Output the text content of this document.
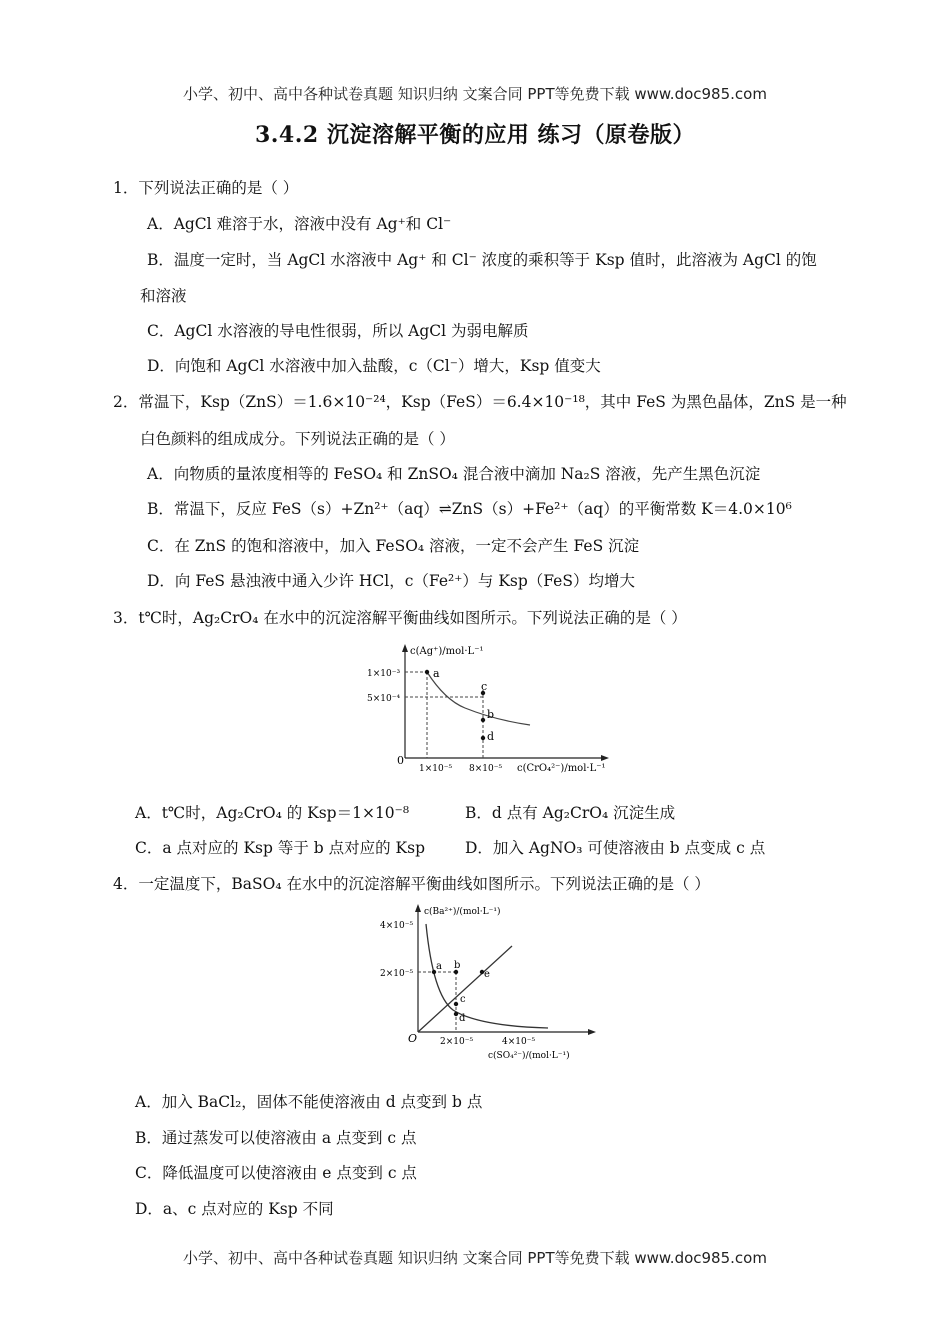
小学、初中、高中各种试卷真题 知识归纳 文案合同 PPT等免费下载 www.doc985.com
3.4.2 沉淀溶解平衡的应用 练习（原卷版）
1．下列说法正确的是（ ）
A．AgCl 难溶于水，溶液中没有 Ag⁺和 Cl⁻
B．温度一定时，当 AgCl 水溶液中 Ag⁺ 和 Cl⁻ 浓度的乘积等于 Ksp 值时，此溶液为 AgCl 的饱
和溶液
C．AgCl 水溶液的导电性很弱，所以 AgCl 为弱电解质
D．向饱和 AgCl 水溶液中加入盐酸，c（Cl⁻）增大，Ksp 值变大
2．常温下，Ksp（ZnS）＝1.6×10⁻²⁴，Ksp（FeS）＝6.4×10⁻¹⁸，其中 FeS 为黑色晶体，ZnS 是一种
白色颜料的组成成分。下列说法正确的是（ ）
A．向物质的量浓度相等的 FeSO₄ 和 ZnSO₄ 混合液中滴加 Na₂S 溶液，先产生黑色沉淀
B．常温下，反应 FeS（s）+Zn²⁺（aq）⇌ZnS（s）+Fe²⁺（aq）的平衡常数 K＝4.0×10⁶
C．在 ZnS 的饱和溶液中，加入 FeSO₄ 溶液，一定不会产生 FeS 沉淀
D．向 FeS 悬浊液中通入少许 HCl，c（Fe²⁺）与 Ksp（FeS）均增大
3．t℃时，Ag₂CrO₄ 在水中的沉淀溶解平衡曲线如图所示。下列说法正确的是（ ）
c(Ag⁺)/mol·L⁻¹
1×10⁻³
5×10⁻⁴
0
1×10⁻⁵ 8×10⁻⁵ c(CrO₄²⁻)/mol·L⁻¹
a
c
b
d
A．t℃时，Ag₂CrO₄ 的 Ksp＝1×10⁻⁸	B．d 点有 Ag₂CrO₄ 沉淀生成
C．a 点对应的 Ksp 等于 b 点对应的 Ksp	D．加入 AgNO₃ 可使溶液由 b 点变成 c 点
4．一定温度下，BaSO₄ 在水中的沉淀溶解平衡曲线如图所示。下列说法正确的是（ ）
c(Ba²⁺)/(mol·L⁻¹)
4×10⁻⁵
2×10⁻⁵
O	2×10⁻⁵	4×10⁻⁵
c(SO₄²⁻)/(mol·L⁻¹)
a b
c
d
e
A．加入 BaCl₂，固体不能使溶液由 d 点变到 b 点
B．通过蒸发可以使溶液由 a 点变到 c 点
C．降低温度可以使溶液由 e 点变到 c 点
D．a、c 点对应的 Ksp 不同
小学、初中、高中各种试卷真题 知识归纳 文案合同 PPT等免费下载 www.doc985.com
